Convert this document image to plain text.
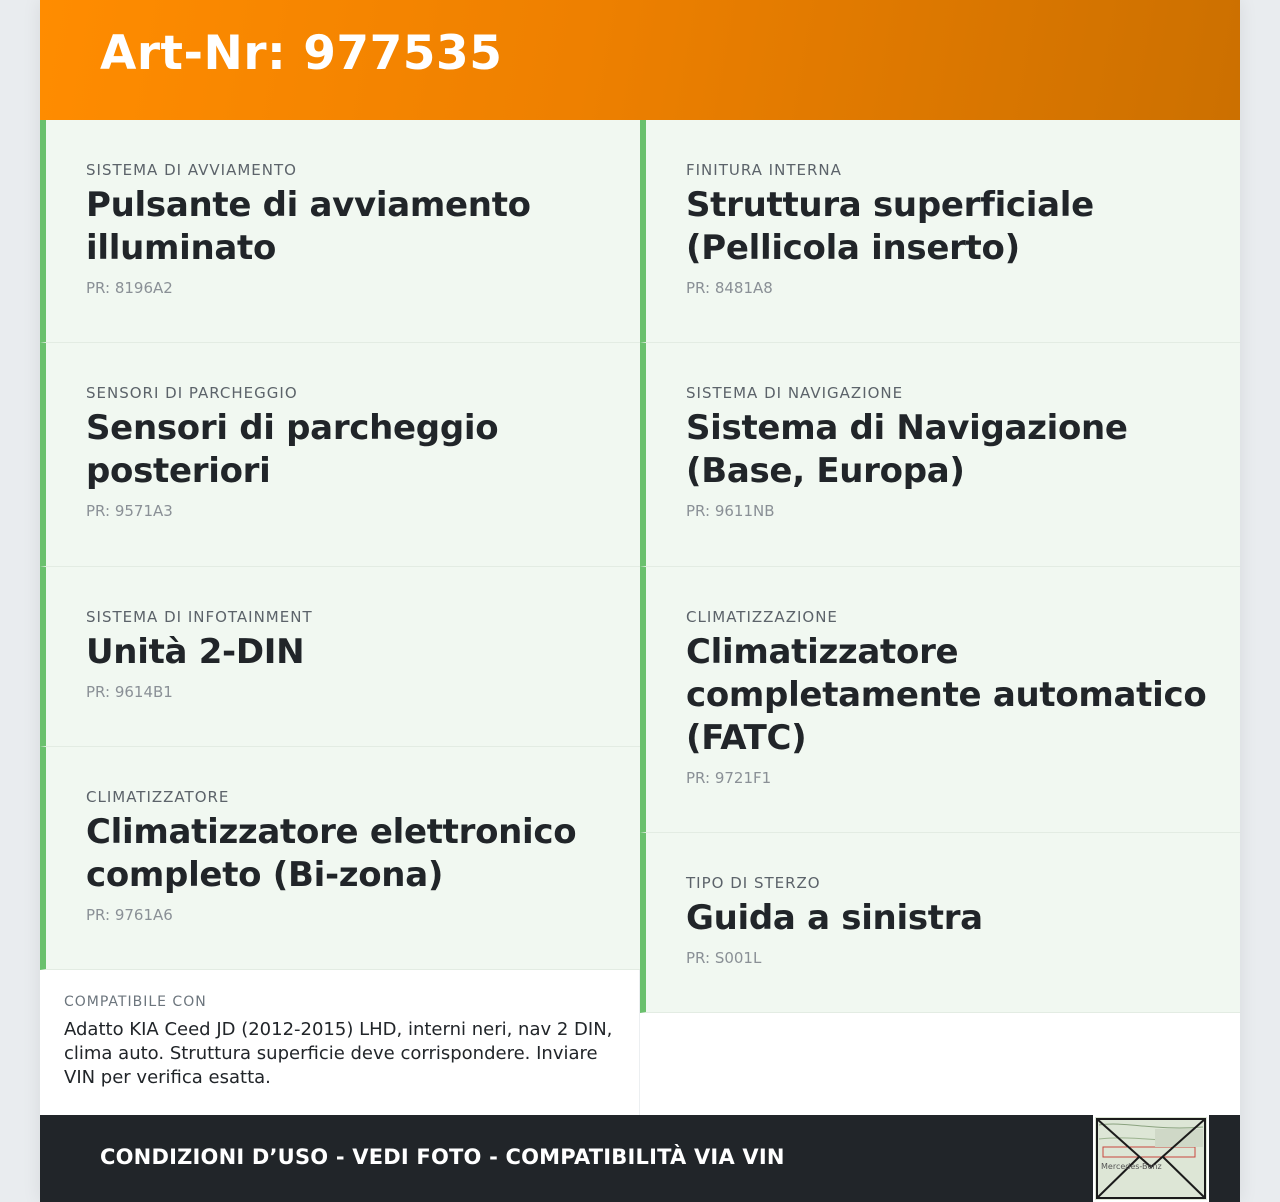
Art-Nr: 977535
SISTEMA DI AVVIAMENTO
Pulsante di avviamento illuminato
PR: 8196A2
SENSORI DI PARCHEGGIO
Sensori di parcheggio posteriori
PR: 9571A3
SISTEMA DI INFOTAINMENT
Unità 2-DIN
PR: 9614B1
CLIMATIZZATORE
Climatizzatore elettronico completo (Bi-zona)
PR: 9761A6
FINITURA INTERNA
Struttura superficiale (Pellicola inserto)
PR: 8481A8
SISTEMA DI NAVIGAZIONE
Sistema di Navigazione (Base, Europa)
PR: 9611NB
CLIMATIZZAZIONE
Climatizzatore completamente automatico (FATC)
PR: 9721F1
TIPO DI STERZO
Guida a sinistra
PR: S001L
COMPATIBILE CON
Adatto KIA Ceed JD (2012-2015) LHD, interni neri, nav 2 DIN, clima auto. Struttura superficie deve corrispondere. Inviare VIN per verifica esatta.
CONDIZIONI D’USO - VEDI FOTO - COMPATIBILITÀ VIA VIN	Mercedes-Benz
